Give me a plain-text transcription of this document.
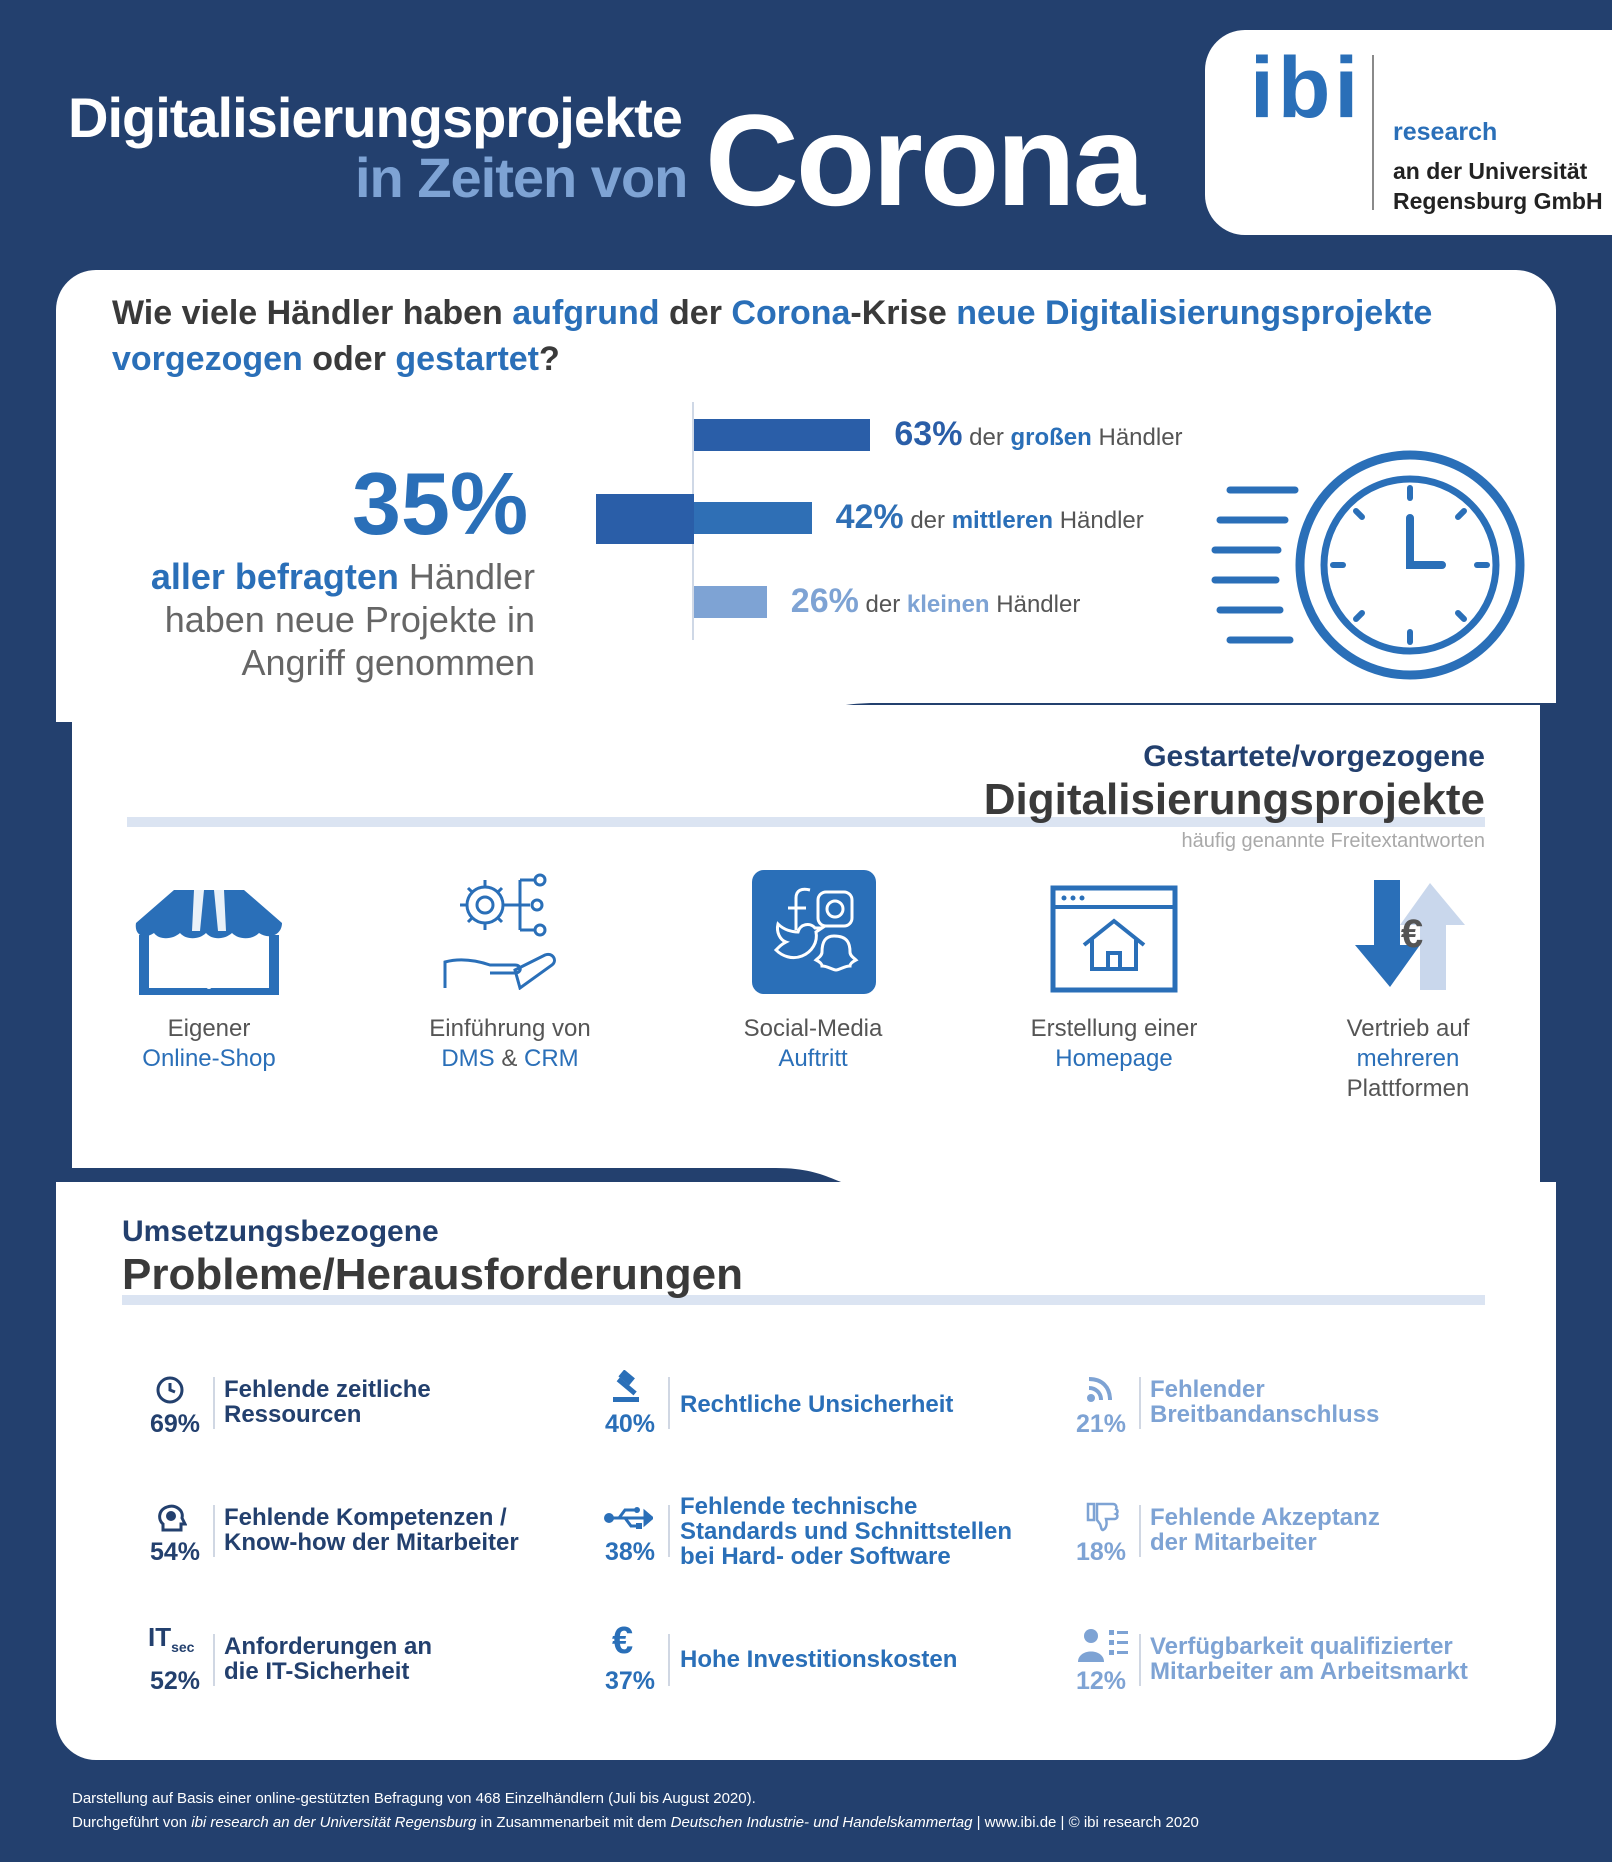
Digitalisierungsprojekte
in Zeiten von Corona ibi research
an der Universität
Regensburg GmbH
Wie viele Händler haben aufgrund der Corona-Krise neue Digitalisierungsprojekte vorgezogen oder gestartet?
35%
aller befragten Händler haben neue Projekte in Angriff genommen
63% der großen Händler
42% der mittleren Händler
26% der kleinen Händler
Gestartete/vorgezogene
Digitalisierungsprojekte
häufig genannte Freitextantworten
€
Eigener
Online-Shop
Einführung von
DMS & CRM
Social-Media
Auftritt
Erstellung einer
Homepage
Vertrieb auf
mehreren
Plattformen
Umsetzungsbezogene
Probleme/Herausforderungen
69%
Fehlende zeitliche
Ressourcen
54%
Fehlende Kompetenzen /
Know-how der Mitarbeiter
$IT_{sec}$
52%
Anforderungen an
die IT-Sicherheit
40%
Rechtliche Unsicherheit
38%
Fehlende technische
Standards und Schnittstellen
bei Hard- oder Software
€
37%
Hohe Investitionskosten
21%
Fehlender
Breitbandanschluss
18%
Fehlende Akzeptanz
der Mitarbeiter
12%
Verfügbarkeit qualifizierter
Mitarbeiter am Arbeitsmarkt
Darstellung auf Basis einer online-gestützten Befragung von 468 Einzelhändlern (Juli bis August 2020).
Durchgeführt von ibi research an der Universität Regensburg in Zusammenarbeit mit dem Deutschen Industrie- und Handelskammertag | www.ibi.de | © ibi research 2020
